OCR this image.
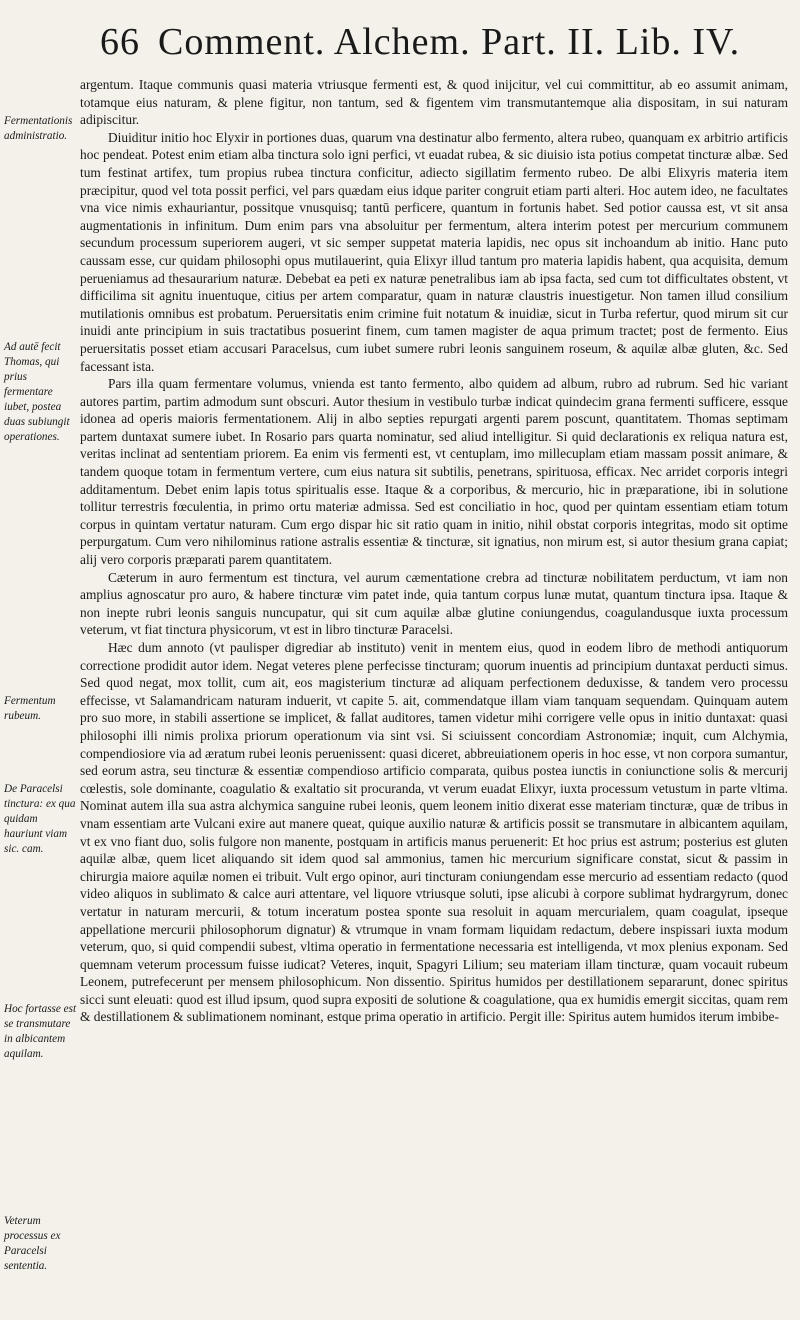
66 Comment. Alchem. Part. II. Lib. IV.
Fermentationis administratio.
Ad autē fecit Thomas, qui prius fermentare iubet, postea duas subiungit operationes.
Fermentum rubeum.
De Paracelsi tinctura: ex qua quidam hauriunt viam sic. cam.
Hoc fortasse est se transmutare in albicantem aquilam.
Veterum processus ex Paracelsi sententia.

argentum. Itaque communis quasi materia vtriusque fermenti est, & quod inijcitur, vel cui committitur, ab eo assumit animam, totamque eius naturam, & plene figitur, non tantum, sed & figentem vim transmutantemque alia dispositam, in sui naturam adipiscitur.

Diuiditur initio hoc Elyxir in portiones duas, quarum vna destinatur albo fermento, altera rubeo, quanquam ex arbitrio artificis hoc pendeat. Potest enim etiam alba tinctura solo igni perfici, vt euadat rubea, & sic diuisio ista potius competat tincturæ albæ. Sed tum festinat artifex, tum propius rubea tinctura conficitur, adiecto sigillatim fermento rubeo. De albi Elixyris materia item præcipitur, quod vel tota possit perfici, vel pars quædam eius idque pariter congruit etiam parti alteri. Hoc autem ideo, ne facultates vna vice nimis exhauriantur, possitque vnusquisq; tantū perficere, quantum in fortunis habet. Sed potior caussa est, vt sit ansa augmentationis in infinitum. Dum enim pars vna absoluitur per fermentum, altera interim potest per mercurium communem secundum processum superiorem augeri, vt sic semper suppetat materia lapidis, nec opus sit inchoandum ab initio. Hanc puto caussam esse, cur quidam philosophi opus mutilauerint, quia Elixyr illud tantum pro materia lapidis habent, qua acquisita, demum perueniamus ad thesaurarium naturæ. Debebat ea peti ex naturæ penetralibus iam ab ipsa facta, sed cum tot difficultates obstent, vt difficilima sit agnitu inuentuque, citius per artem comparatur, quam in naturæ claustris inuestigetur. Non tamen illud consilium mutilationis omnibus est probatum. Peruersitatis enim crimine fuit notatum & inuidiæ, sicut in Turba refertur, quod mirum sit cur inuidi ante principium in suis tractatibus posuerint finem, cum tamen magister de aqua primum tractet; post de fermento. Eius peruersitatis posset etiam accusari Paracelsus, cum iubet sumere rubri leonis sanguinem roseum, & aquilæ albæ gluten, &c. Sed facessant ista.

Pars illa quam fermentare volumus, vnienda est tanto fermento, albo quidem ad album, rubro ad rubrum. Sed hic variant autores partim, partim admodum sunt obscuri. Autor thesium in vestibulo turbæ indicat quindecim grana fermenti sufficere, essque idonea ad operis maioris fermentationem. Alij in albo septies repurgati argenti parem poscunt, quantitatem. Thomas septimam partem duntaxat sumere iubet. In Rosario pars quarta nominatur, sed aliud intelligitur. Si quid declarationis ex reliqua natura est, veritas inclinat ad sententiam priorem. Ea enim vis fermenti est, vt centuplam, imo millecuplam etiam massam possit animare, & tandem quoque totam in fermentum vertere, cum eius natura sit subtilis, penetrans, spirituosa, efficax. Nec arridet corporis integri additamentum. Debet enim lapis totus spiritualis esse. Itaque & a corporibus, & mercurio, hic in præparatione, ibi in solutione tollitur terrestris fœculentia, in primo ortu materiæ admissa. Sed est conciliatio in hoc, quod per quintam essentiam etiam totum corpus in quintam vertatur naturam. Cum ergo dispar hic sit ratio quam in initio, nihil obstat corporis integritas, modo sit optime perpurgatum. Cum vero nihilominus ratione astralis essentiæ & tincturæ, sit ignatius, non mirum est, si autor thesium grana capiat; alij vero corporis præparati parem quantitatem.

Cæterum in auro fermentum est tinctura, vel aurum cæmentatione crebra ad tincturæ nobilitatem perductum, vt iam non amplius agnoscatur pro auro, & habere tincturæ vim patet inde, quia tantum corpus lunæ mutat, quantum tinctura ipsa. Itaque & non inepte rubri leonis sanguis nuncupatur, qui sit cum aquilæ albæ glutine coniungendus, coagulandusque iuxta processum veterum, vt fiat tinctura physicorum, vt est in libro tincturæ Paracelsi.

Hæc dum annoto (vt paulisper digrediar ab instituto) venit in mentem eius, quod in eodem libro de methodi antiquorum correctione prodidit autor idem. Negat veteres plene perfecisse tincturam; quorum inuentis ad principium duntaxat perducti simus. Sed quod negat, mox tollit, cum ait, eos magisterium tincturæ ad aliquam perfectionem deduxisse, & tandem vero processu effecisse, vt Salamandricam naturam induerit, vt capite 5. ait, commendatque illam viam tanquam sequendam. Quinquam autem pro suo more, in stabili assertione se implicet, & fallat auditores, tamen videtur mihi corrigere velle opus in initio duntaxat: quasi philosophi illi nimis prolixa priorum operationum via sint vsi. Si sciuissent concordiam Astronomiæ; inquit, cum Alchymia, compendiosiore via ad æratum rubei leonis peruenissent: quasi diceret, abbreuiationem operis in hoc esse, vt non corpora sumantur, sed eorum astra, seu tincturæ & essentiæ compendioso artificio comparata, quibus postea iunctis in coniunctione solis & mercurij cœlestis, sole dominante, coagulatio & exaltatio sit procuranda, vt verum euadat Elixyr, iuxta processum vetustum in parte vltima. Nominat autem illa sua astra alchymica sanguine rubei leonis, quem leonem initio dixerat esse materiam tincturæ, quæ de tribus in vnam essentiam arte Vulcani exire aut manere queat, quique auxilio naturæ & artificis possit se transmutare in albicantem aquilam, vt ex vno fiant duo, solis fulgore non manente, postquam in artificis manus peruenerit: Et hoc prius est astrum; posterius est gluten aquilæ albæ, quem licet aliquando sit idem quod sal ammonius, tamen hic mercurium significare constat, sicut & passim in chirurgia maiore aquilæ nomen ei tribuit. Vult ergo opinor, auri tincturam coniungendam esse mercurio ad essentiam redacto (quod video aliquos in sublimato & calce auri attentare, vel liquore vtriusque soluti, ipse alicubi à corpore sublimat hydrargyrum, donec vertatur in naturam mercurii, & totum inceratum postea sponte sua resoluit in aquam mercurialem, quam coagulat, ipseque appellatione mercurii philosophorum dignatur) & vtrumque in vnam formam liquidam redactum, debere inspissari iuxta modum veterum, quo, si quid compendii subest, vltima operatio in fermentatione necessaria est intelligenda, vt mox plenius exponam. Sed quemnam veterum processum fuisse iudicat? Veteres, inquit, Spagyri Lilium; seu materiam illam tincturæ, quam vocauit rubeum Leonem, putrefecerunt per mensem philosophicum. Non dissentio. Spiritus humidos per destillationem separarunt, donec spiritus sicci sunt eleuati: quod est illud ipsum, quod supra expositi de solutione & coagulatione, qua ex humidis emergit siccitas, quam rem & destillationem & sublimationem nominant, estque prima operatio in artificio. Pergit ille: Spiritus autem humidos iterum imbibe-
